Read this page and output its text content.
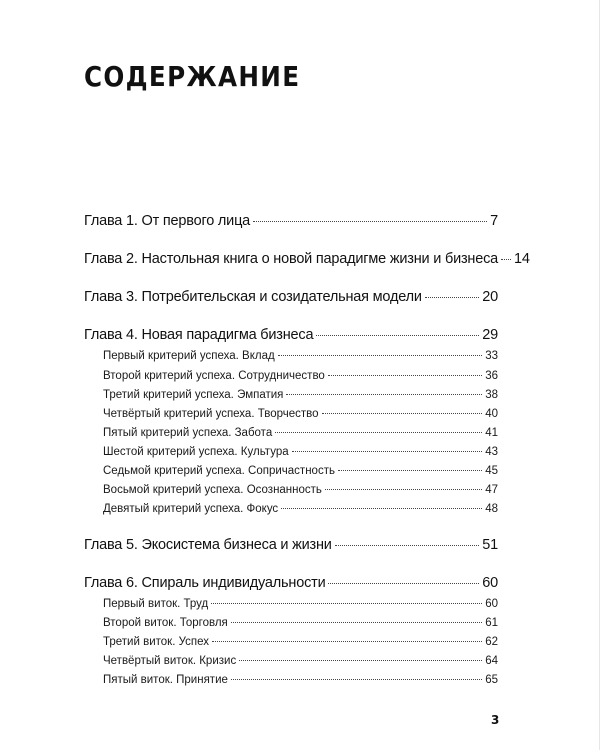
СОДЕРЖАНИЕ
Глава 1. От первого лица	7
Глава 2. Настольная книга о новой парадигме жизни и бизнеса 14
Глава 3. Потребительская и созидательная модели	20
Глава 4. Новая парадигма бизнеса	29
Первый критерий успеха. Вклад	33
Второй критерий успеха. Сотрудничество	36
Третий критерий успеха. Эмпатия	38
Четвёртый критерий успеха. Творчество	40
Пятый критерий успеха. Забота	41
Шестой критерий успеха. Культура	43
Седьмой критерий успеха. Сопричастность	45
Восьмой критерий успеха. Осознанность	47
Девятый критерий успеха. Фокус	48
Глава 5. Экосистема бизнеса и жизни	51
Глава 6. Спираль индивидуальности	60
Первый виток. Труд	60
Второй виток. Торговля	61
Третий виток. Успех	62
Четвёртый виток. Кризис	64
Пятый виток. Принятие	65
3
